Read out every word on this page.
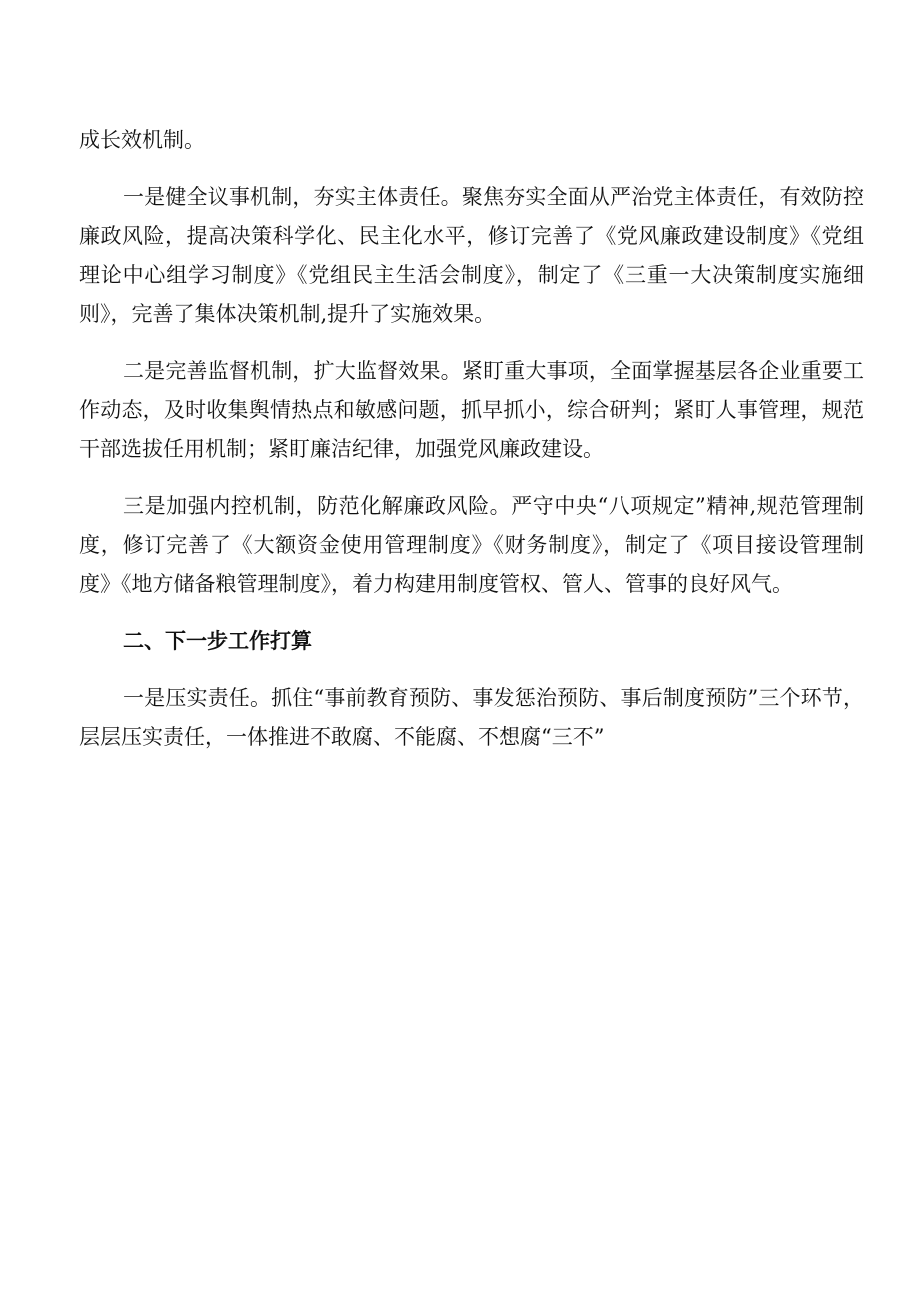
成长效机制。

一是健全议事机制，夯实主体责任。聚焦夯实全面从严治党主体责任，有效防控廉政风险，提高决策科学化、民主化水平，修订完善了《党风廉政建设制度》《党组理论中心组学习制度》《党组民主生活会制度》，制定了《三重一大决策制度实施细则》，完善了集体决策机制,提升了实施效果。

二是完善监督机制，扩大监督效果。紧盯重大事项，全面掌握基层各企业重要工作动态，及时收集舆情热点和敏感问题，抓早抓小，综合研判；紧盯人事管理，规范干部选拔任用机制；紧盯廉洁纪律，加强党风廉政建设。

三是加强内控机制，防范化解廉政风险。严守中央“八项规定”精神,规范管理制度，修订完善了《大额资金使用管理制度》《财务制度》，制定了《项目接设管理制度》《地方储备粮管理制度》，着力构建用制度管权、管人、管事的良好风气。

二、下一步工作打算

一是压实责任。抓住“事前教育预防、事发惩治预防、事后制度预防”三个环节，层层压实责任，一体推进不敢腐、不能腐、不想腐“三不”
